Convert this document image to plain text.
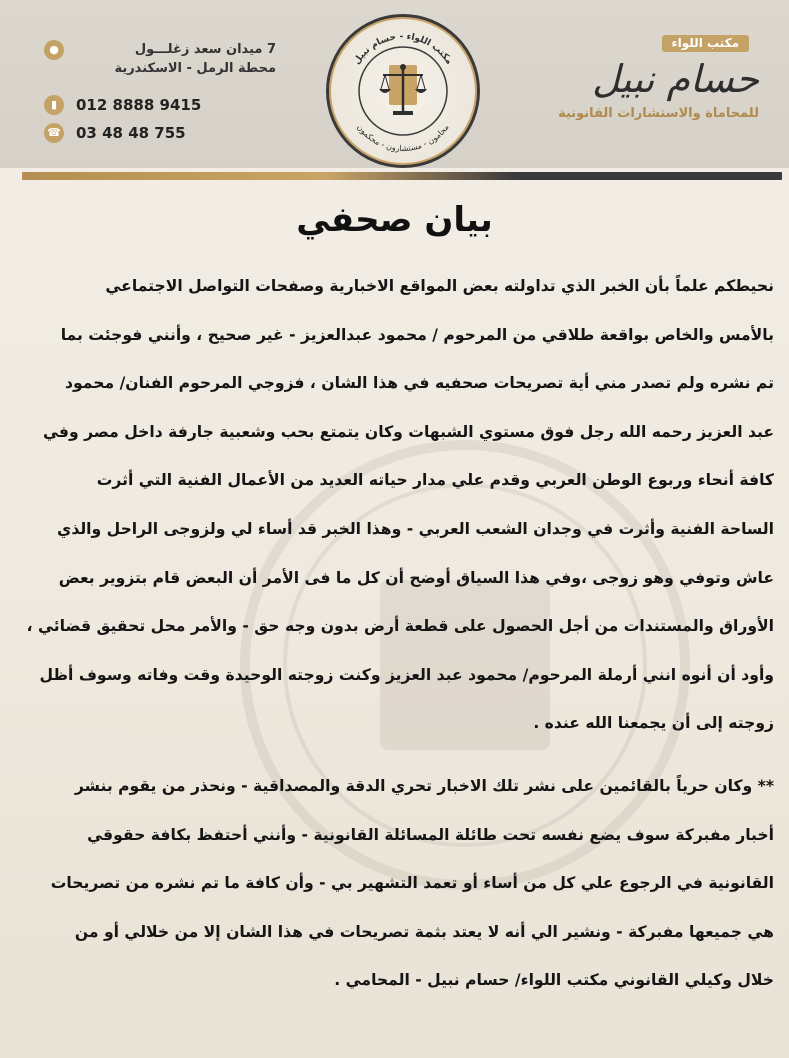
●	7 ميدان سعد زغلـــول
محطة الرمل - الاسكندرية
▮	012 8888 9415
☎ 03 48 48 755
مكتب اللواء - حسام نبيل
محامون - مستشارون - محكمون
مكتب اللواء
حسام نبيل
للمحاماة والاستشارات القانونية
بيان صحفي
نحيطكم علماً بأن الخبر الذي تداولته بعض المواقع الاخبارية وصفحات التواصل الاجتماعي
بالأمس والخاص بواقعة طلاقي من المرحوم / محمود عبدالعزيز - غير صحيح ، وأنني فوجئت بما
تم نشره ولم تصدر مني أية تصريحات صحفيه في هذا الشان ، فزوجي المرحوم الفنان/ محمود
عبد العزيز رحمه الله رجل فوق مستوي الشبهات وكان يتمتع بحب وشعبية جارفة داخل مصر وفي
كافة أنحاء وربوع الوطن العربي وقدم علي مدار حياته العديد من الأعمال الفنية التي أثرت
الساحة الفنية وأثرت في وجدان الشعب العربي - وهذا الخبر قد أساء لي ولزوجى الراحل والذي
عاش وتوفي وهو زوجى ،وفي هذا السياق أوضح أن كل ما فى الأمر أن البعض قام بتزوير بعض
الأوراق والمستندات من أجل الحصول على قطعة أرض بدون وجه حق - والأمر محل تحقيق قضائي ،
وأود أن أنوه انني أرملة المرحوم/ محمود عبد العزيز وكنت زوجته الوحيدة وقت وفاته وسوف أظل
زوجته إلى أن يجمعنا الله عنده .
** وكان حرياً بالقائمين على نشر تلك الاخبار تحري الدقة والمصداقية - ونحذر من يقوم بنشر
أخبار مفبركة سوف يضع نفسه تحت طائلة المسائلة القانونية - وأنني أحتفظ بكافة حقوقي
القانونية في الرجوع علي كل من أساء أو تعمد التشهير بي - وأن كافة ما تم نشره من تصريحات
هي جميعها مفبركة - ونشير الي أنه لا يعتد بثمة تصريحات في هذا الشان إلا من خلالي أو من
خلال وكيلي القانوني مكتب اللواء/ حسام نبيل - المحامي .
